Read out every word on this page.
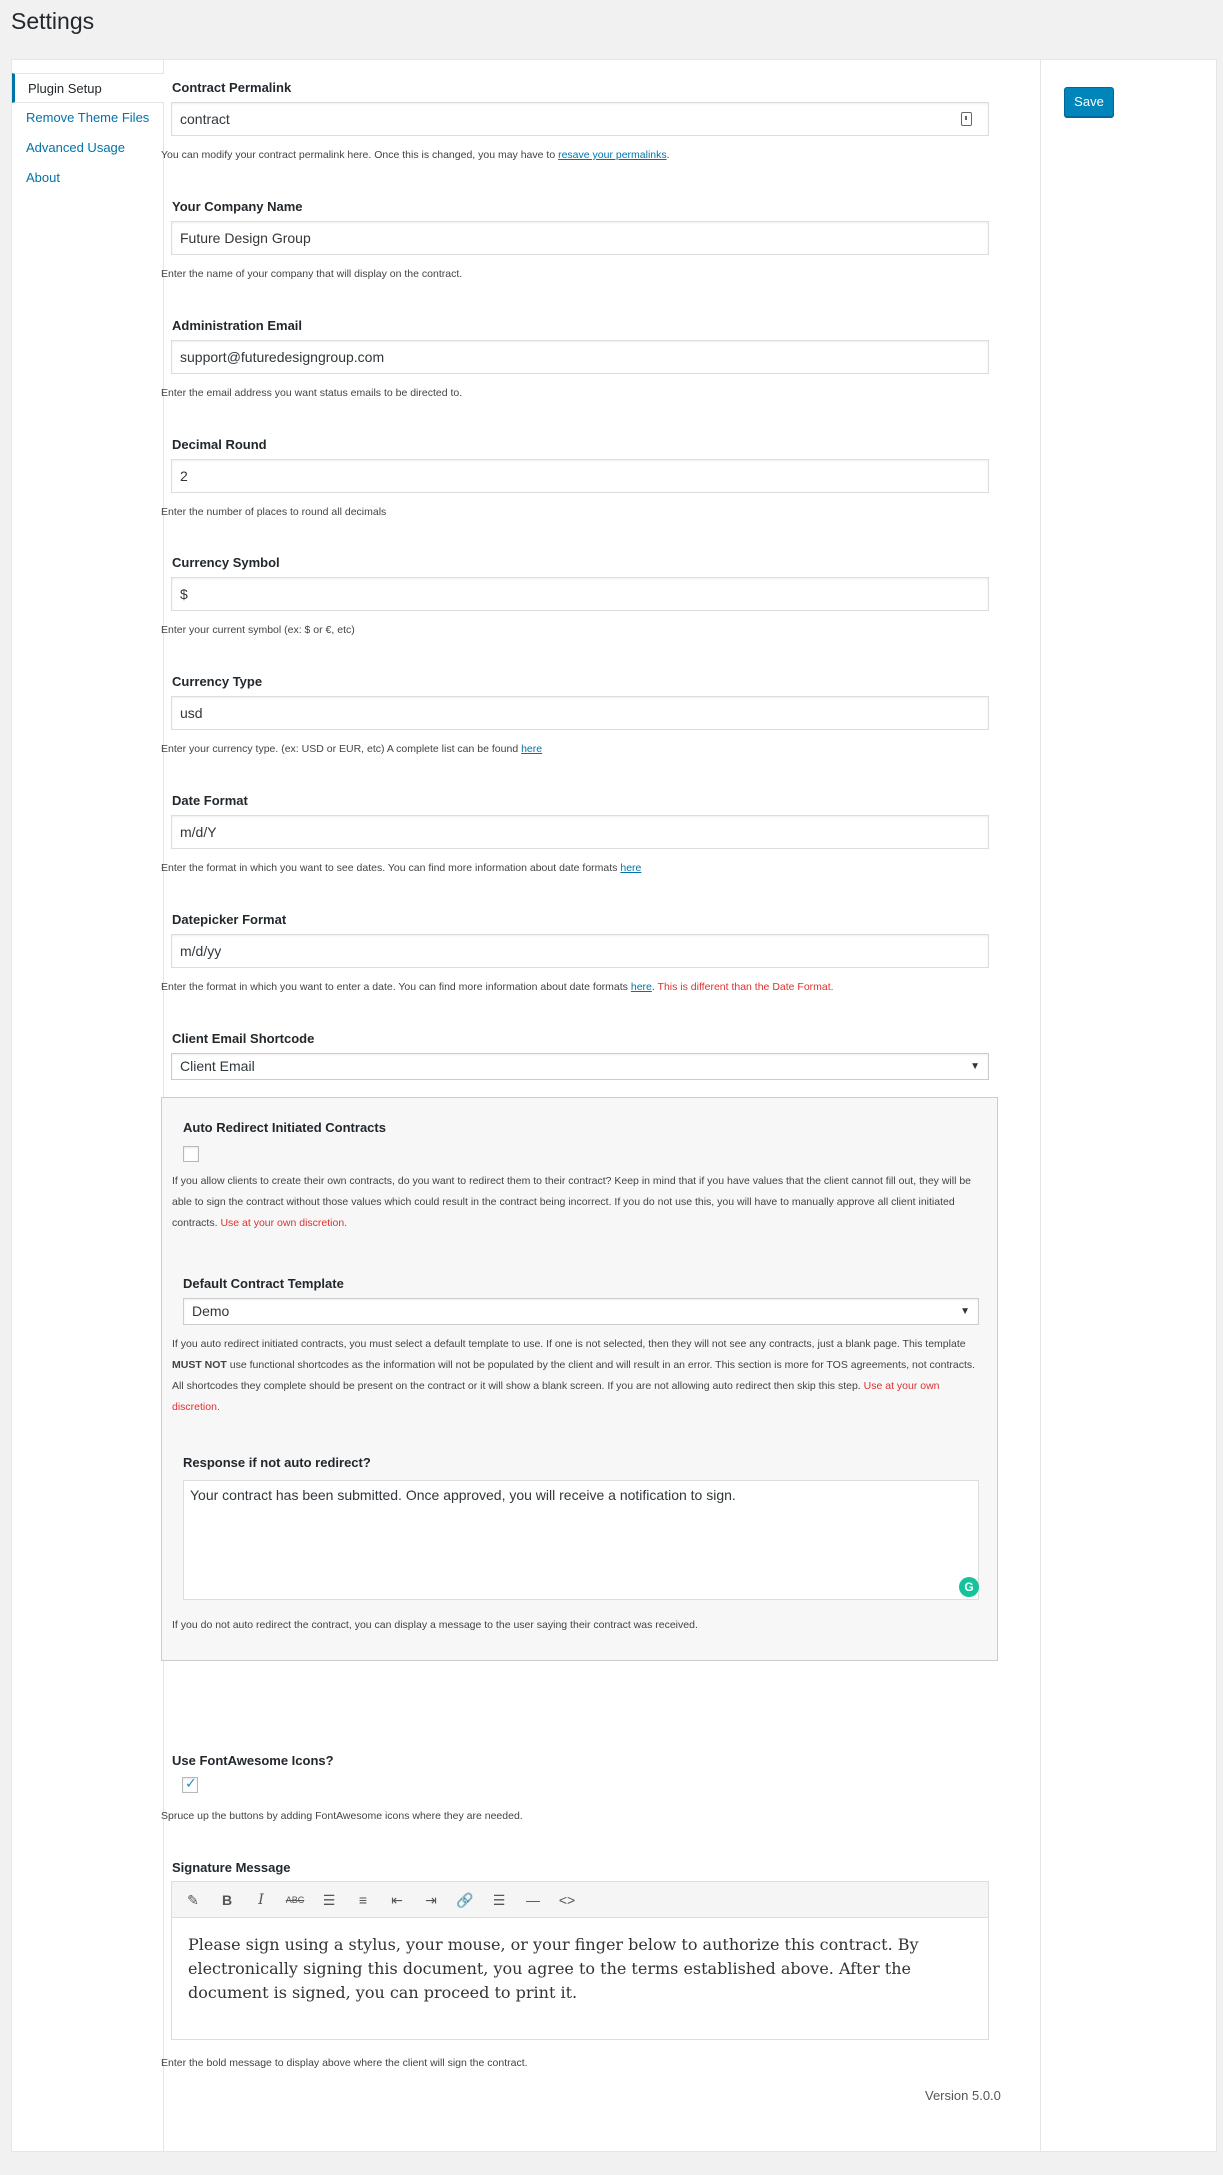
Settings
Plugin Setup
Remove Theme Files
Advanced Usage
About
Save
Contract Permalink
contract
You can modify your contract permalink here. Once this is changed, you may have to resave your permalinks.
Your Company Name
Future Design Group
Enter the name of your company that will display on the contract.
Administration Email
support@futuredesigngroup.com
Enter the email address you want status emails to be directed to.
Decimal Round
2
Enter the number of places to round all decimals
Currency Symbol
$
Enter your current symbol (ex: $ or €, etc)
Currency Type
usd
Enter your currency type. (ex: USD or EUR, etc) A complete list can be found here
Date Format
m/d/Y
Enter the format in which you want to see dates. You can find more information about date formats here
Datepicker Format
m/d/yy
Enter the format in which you want to enter a date. You can find more information about date formats here. This is different than the Date Format.
Client Email Shortcode
Client Email	▼
Auto Redirect Initiated Contracts
If you allow clients to create their own contracts, do you want to redirect them to their contract? Keep in mind that if you have values that the client cannot fill out, they will be able to sign the contract without those values which could result in the contract being incorrect. If you do not use this, you will have to manually approve all client initiated contracts. Use at your own discretion.
Default Contract Template
Demo	▼
If you auto redirect initiated contracts, you must select a default template to use. If one is not selected, then they will not see any contracts, just a blank page. This template MUST NOT use functional shortcodes as the information will not be populated by the client and will result in an error. This section is more for TOS agreements, not contracts. All shortcodes they complete should be present on the contract or it will show a blank screen. If you are not allowing auto redirect then skip this step. Use at your own discretion.
Response if not auto redirect?
Your contract has been submitted. Once approved, you will receive a notification to sign.
G
If you do not auto redirect the contract, you can display a message to the user saying their contract was received.
Use FontAwesome Icons?
✓
Spruce up the buttons by adding FontAwesome icons where they are needed.
Signature Message
✎	B	I	ABC	☰	≡	⇤	⇥	🔗	☰	— <>
Please sign using a stylus, your mouse, or your finger below to authorize this contract. By electronically signing this document, you agree to the terms established above. After the document is signed, you can proceed to print it.
Enter the bold message to display above where the client will sign the contract.
Version 5.0.0
